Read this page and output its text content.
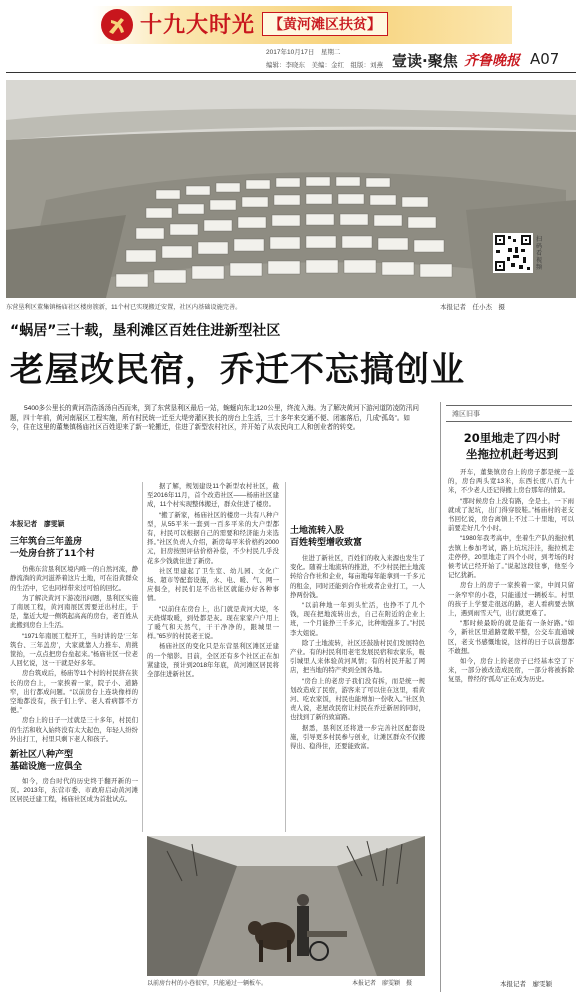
十九大时光 【黄河滩区扶贫】
2017年10月17日　星期二
编辑：李晓东　美编：金红　组版：刘燕 壹读·聚焦 齐鲁晚报 A07
扫码看视频
东营垦利区董集镇杨庙社区楼房簇新，11个村已实现搬迁安置，社区内基础设施完善。	本报记者　任小杰　摄
“蜗居”三十载，垦利滩区百姓住进新型社区
老屋改民宿，乔迁不忘搞创业
5400多公里长的黄河浩浩汤汤自西而来，到了东营垦利区最后一站，蜿蜒向东北120公里，终流入海。为了解决黄河下游河道防凌防汛问题，四十年前，黄河南展区工程实施，所有村民统一迁至大堤旁灌区狭长的房台上生活，三十多年来交通不便、闭塞落后，几成“孤岛”。如今，住在这里的董集镇杨庙社区百姓迎来了新一轮搬迁，住进了新型农村社区，并开始了从农民向工人和创业者的转变。
本报记者　廖雯颖
三年筑台三年盖房
一处房台挤了11个村

仿佛东营垦利区境内唯一的自然河流，静静流淌的黄河滋养着这片土地，可在沿黄群众的生活中，它也同样带来过可怕的回忆。

为了解决黄河下游凌汛问题，垦利区实施了南展工程，黄河南展区需要迁出村庄，于是，靠近大堤一侧筑起高高的房台，老百姓从此搬到房台上生活。

“1971年南展工程开工，当时讲的是‘三年筑台、三年盖房’，大家就靠人力推车、肩挑筐抬，一点点把房台垒起来。”杨庙社区一位老人回忆说，这一干就是好多年。

房台筑成后，杨庙等11个村的村民挤在狭长的房台上，一家挨着一家，院子小、道路窄，出行都成问题。“以前房台上连块像样的空地都没有，孩子们上学、老人看病都不方便。”

房台上的日子一过就是三十多年，村民们的生活和收入始终没有太大起色，年轻人纷纷外出打工，村里只剩下老人和孩子。

新社区八种产型
基础设施一应俱全

如今，房台时代的历史终于翻开新的一页。2013年，东营市委、市政府启动黄河滩区居民迁建工程，杨庙社区成为首批试点。

据了解，规划建设11个新型农村社区，截至2016年11月，首个改造社区——杨庙社区建成，11个村实现整体搬迁，群众住进了楼房。

“搬了新家，杨庙社区的楼房一共有八种户型，从55平米一套到一百多平米的大户型都有，村民可以根据自己的需要和经济能力来选择。”社区负责人介绍，新房每平米价格约2000元，旧房按照评估价格补偿，不少村民几乎没花多少钱就住进了新房。

社区里建起了卫生室、幼儿园、文化广场、超市等配套设施，水、电、暖、气、网一应俱全，村民们足不出社区就能办好各种事情。

“以前住在房台上，出门就是黄河大堤，冬天烧煤取暖，到处都是灰。现在家家户户用上了暖气和天然气，干干净净的，跟城里一样。”65岁的村民老王说。

杨庙社区的变化只是东营垦利区滩区迁建的一个缩影。目前，全区还有多个社区正在加紧建设，预计到2018年年底，黄河滩区居民将全部住进新社区。

土地流转入股
百姓转型增收致富

住进了新社区，百姓们的收入来源也发生了变化。随着土地流转的推进，不少村民把土地流转给合作社和企业，每亩地每年能拿到一千多元的租金，同时还能到合作社或者企业打工，一人挣两份钱。

“以前种地一年到头忙活，也挣不了几个钱，现在把地流转出去，自己在附近的企业上班，一个月能挣三千多元，比种地强多了。”村民李大姐说。

除了土地流转，社区还鼓励村民们发展特色产业。有的村民利用老宅发展民宿和农家乐，吸引城里人来体验黄河风情；有的村民开起了网店，把当地的特产卖到全国各地。

“房台上的老房子我们没有拆，而是统一规划改造成了民宿，游客来了可以住在这里，看黄河、吃农家饭，村民也能增加一份收入。”社区负责人说，老屋改民宿让村民在乔迁新居的同时，也找到了新的致富路。

据悉，垦利区还将进一步完善社区配套设施，引导更多村民参与创业，让滩区群众不仅搬得出、稳得住，还要能致富。

以前房台村的小巷很窄，只能通过一辆板车。	本报记者　廖雯颖　摄
滩区旧事
20里地走了四小时
坐拖拉机赶考迟到

开车，董集镇房台上的房子都是统一盖的，房台两头宽13米，东西长度八百九十米，不少老人还记得搬上房台那年的情景。

“那时候房台上没有路，全是土，一下雨就成了泥坑，出门得穿胶鞋。”杨庙村的老支书回忆说，房台离镇上不过二十里地，可以前要走好几个小时。

“1980年我考高中，坐着生产队的拖拉机去镇上参加考试，路上坑坑洼洼，拖拉机走走停停，20里地走了四个小时，到考场的时候考试已经开始了。”说起这段往事，他至今记忆犹新。

房台上的房子一家挨着一家，中间只留一条窄窄的小巷，只能通过一辆板车。村里的孩子上学要走很远的路，老人看病要去镇上，遇到雨雪天气，出行就更难了。

“那时候最盼的就是能有一条好路。”如今，新社区里道路宽敞平整，公交车直通城区，老支书感慨地说，这样的日子以前想都不敢想。

如今，房台上的老房子已经基本空了下来，一部分被改造成民宿，一部分将被拆除复垦，曾经的“孤岛”正在成为历史。

本报记者　廖雯颖
